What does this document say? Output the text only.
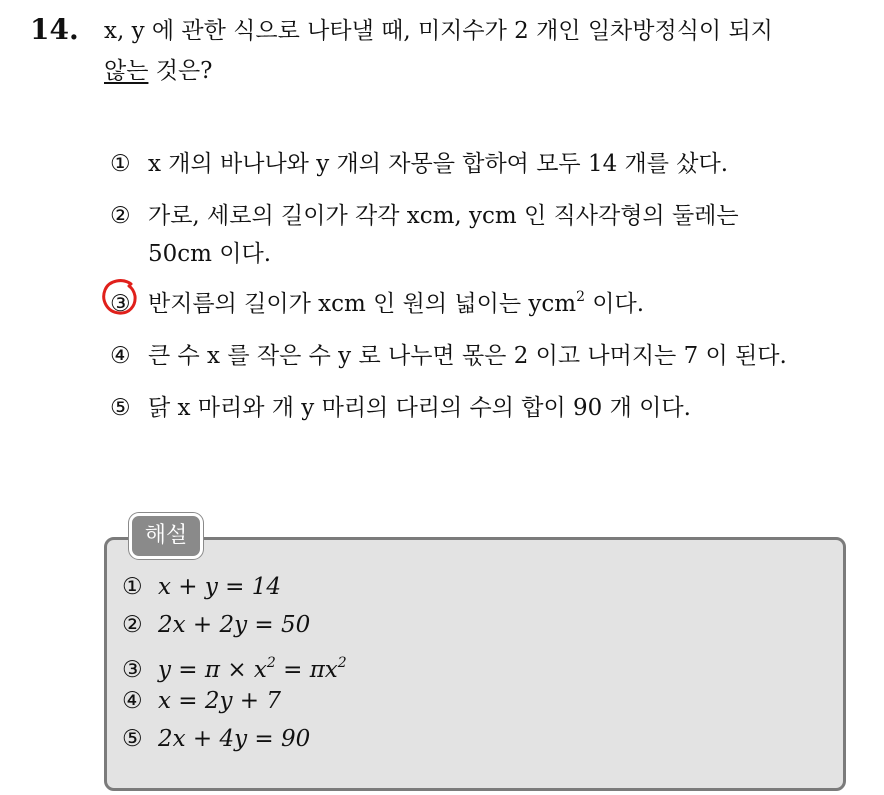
14. x, y 에 관한 식으로 나타낼 때, 미지수가 2 개인 일차방정식이 되지
않는 것은?
① x 개의 바나나와 y 개의 자몽을 합하여 모두 14 개를 샀다.
② 가로, 세로의 길이가 각각 xcm, ycm 인 직사각형의 둘레는
50cm 이다.
③ 반지름의 길이가 xcm 인 원의 넓이는 ycm$^2$ 이다.
④ 큰 수 x 를 작은 수 y 로 나누면 몫은 2 이고 나머지는 7 이 된다.
⑤ 닭 x 마리와 개 y 마리의 다리의 수의 합이 90 개 이다.
해설
① x + y = 14
② 2x + 2y = 50
③ $y = \pi \times x^2 = \pi x^2$
④ x = 2y + 7
⑤ 2x + 4y = 90
